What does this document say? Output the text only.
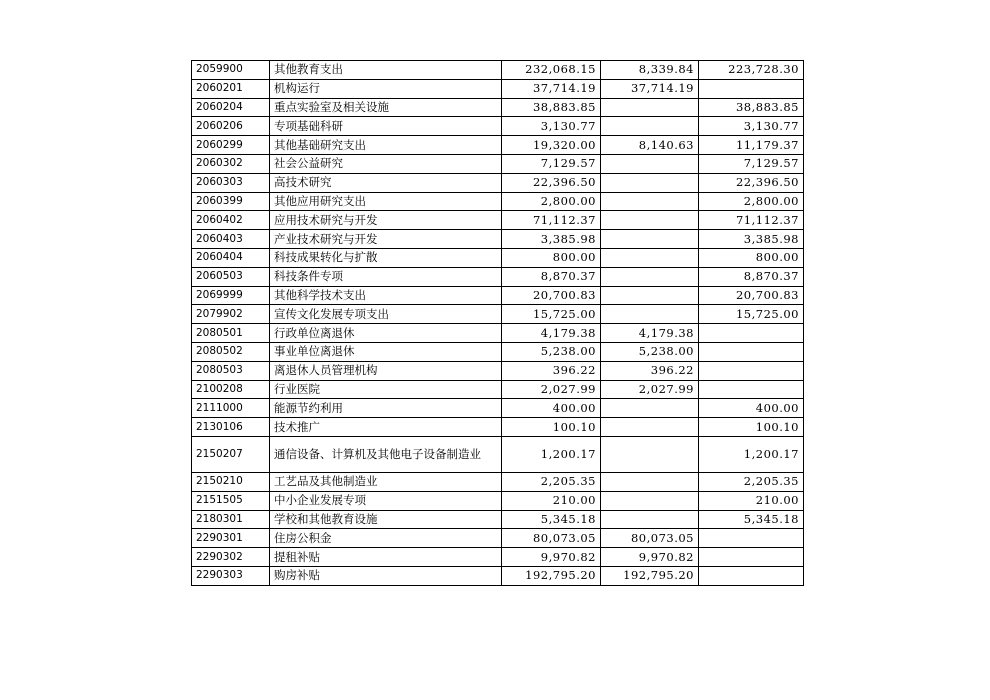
2059900	其他教育支出	232,068.15	8,339.84	223,728.30
2060201	机构运行	37,714.19	37,714.19	
2060204	重点实验室及相关设施	38,883.85		38,883.85
2060206	专项基础科研	3,130.77		3,130.77
2060299	其他基础研究支出	19,320.00	8,140.63	11,179.37
2060302	社会公益研究	7,129.57		7,129.57
2060303	高技术研究	22,396.50		22,396.50
2060399	其他应用研究支出	2,800.00		2,800.00
2060402	应用技术研究与开发	71,112.37		71,112.37
2060403	产业技术研究与开发	3,385.98		3,385.98
2060404	科技成果转化与扩散	800.00		800.00
2060503	科技条件专项	8,870.37		8,870.37
2069999	其他科学技术支出	20,700.83		20,700.83
2079902	宣传文化发展专项支出	15,725.00		15,725.00
2080501	行政单位离退休	4,179.38	4,179.38	
2080502	事业单位离退休	5,238.00	5,238.00	
2080503	离退休人员管理机构	396.22	396.22	
2100208	行业医院	2,027.99	2,027.99	
2111000	能源节约利用	400.00		400.00
2130106	技术推广	100.10		100.10
2150207	通信设备、计算机及其他电子设备制造业	1,200.17		1,200.17
2150210	工艺品及其他制造业	2,205.35		2,205.35
2151505	中小企业发展专项	210.00		210.00
2180301	学校和其他教育设施	5,345.18		5,345.18
2290301	住房公积金	80,073.05	80,073.05	
2290302	提租补贴	9,970.82	9,970.82	
2290303	购房补贴	192,795.20	192,795.20	
